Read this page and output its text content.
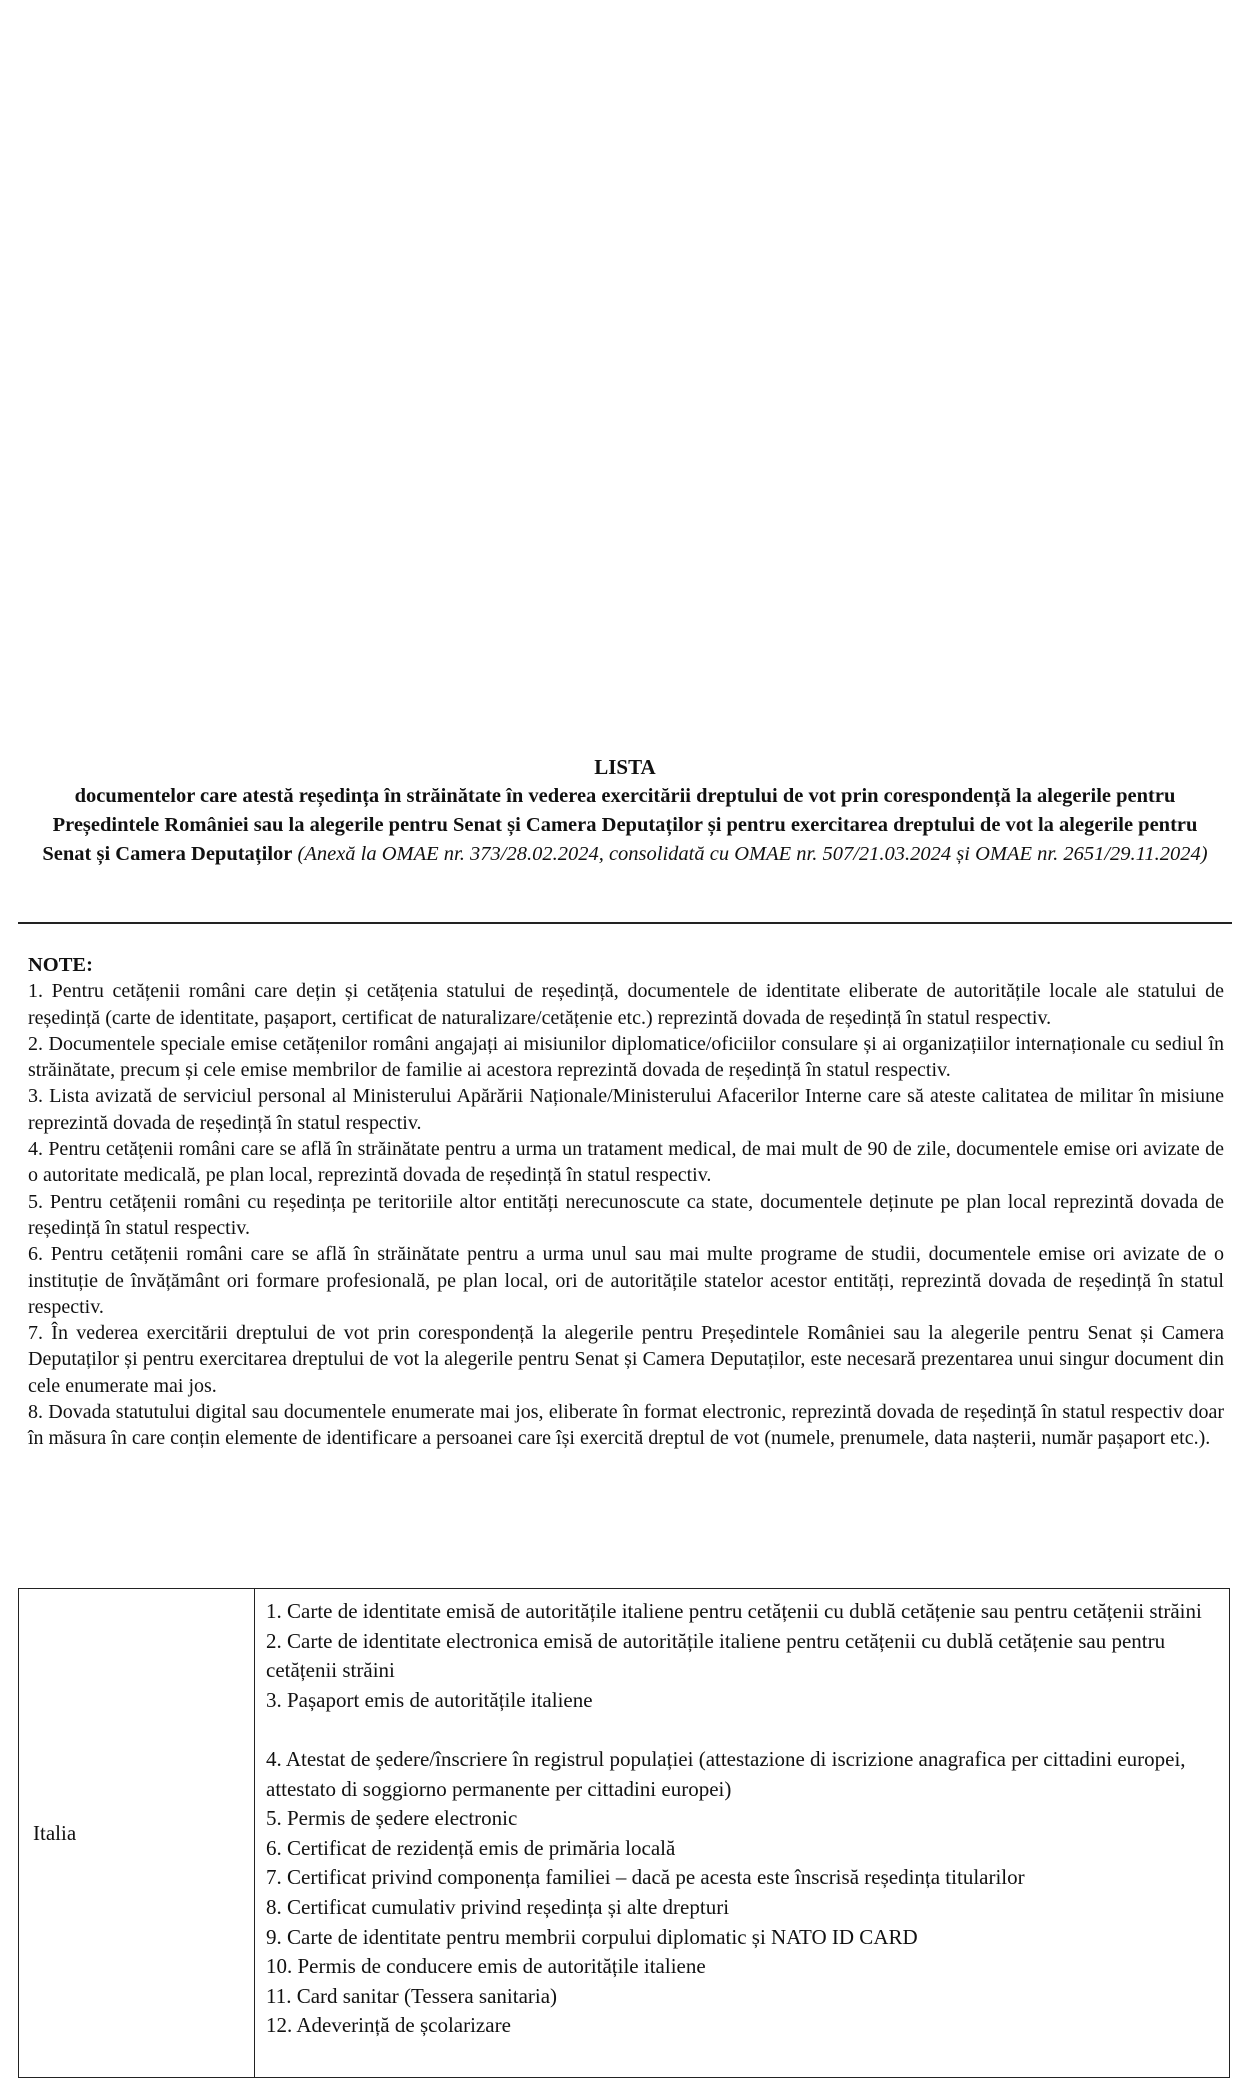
LISTA
documentelor care atestă reședința în străinătate în vederea exercitării dreptului de vot prin corespondență la alegerile pentru Președintele României sau la alegerile pentru Senat și Camera Deputaților și pentru exercitarea dreptului de vot la alegerile pentru Senat și Camera Deputaților (Anexă la OMAE nr. 373/28.02.2024, consolidată cu OMAE nr. 507/21.03.2024 și OMAE nr. 2651/29.11.2024)
NOTE:

1. Pentru cetățenii români care dețin și cetățenia statului de reședință, documentele de identitate eliberate de autoritățile locale ale statului de reședință (carte de identitate, pașaport, certificat de naturalizare/cetățenie etc.) reprezintă dovada de reședință în statul respectiv.

2. Documentele speciale emise cetățenilor români angajați ai misiunilor diplomatice/oficiilor consulare și ai organizațiilor internaționale cu sediul în străinătate, precum și cele emise membrilor de familie ai acestora reprezintă dovada de reședință în statul respectiv.

3. Lista avizată de serviciul personal al Ministerului Apărării Naționale/Ministerului Afacerilor Interne care să ateste calitatea de militar în misiune reprezintă dovada de reședință în statul respectiv.

4. Pentru cetățenii români care se află în străinătate pentru a urma un tratament medical, de mai mult de 90 de zile, documentele emise ori avizate de o autoritate medicală, pe plan local, reprezintă dovada de reședință în statul respectiv.

5. Pentru cetățenii români cu reședința pe teritoriile altor entități nerecunoscute ca state, documentele deținute pe plan local reprezintă dovada de reședință în statul respectiv.

6. Pentru cetățenii români care se află în străinătate pentru a urma unul sau mai multe programe de studii, documentele emise ori avizate de o instituție de învățământ ori formare profesională, pe plan local, ori de autoritățile statelor acestor entități, reprezintă dovada de reședință în statul respectiv.

7. În vederea exercitării dreptului de vot prin corespondență la alegerile pentru Președintele României sau la alegerile pentru Senat și Camera Deputaților și pentru exercitarea dreptului de vot la alegerile pentru Senat și Camera Deputaților, este necesară prezentarea unui singur document din cele enumerate mai jos.

8. Dovada statutului digital sau documentele enumerate mai jos, eliberate în format electronic, reprezintă dovada de reședință în statul respectiv doar în măsura în care conțin elemente de identificare a persoanei care își exercită dreptul de vot (numele, prenumele, data nașterii, număr pașaport etc.).

Italia

1. Carte de identitate emisă de autoritățile italiene pentru cetățenii cu dublă cetățenie sau pentru cetățenii străini

2. Carte de identitate electronica emisă de autoritățile italiene pentru cetățenii cu dublă cetățenie sau pentru cetățenii străini

3. Pașaport emis de autoritățile italiene

4. Atestat de ședere/înscriere în registrul populației (attestazione di iscrizione anagrafica per cittadini europei, attestato di soggiorno permanente per cittadini europei)

5. Permis de ședere electronic

6. Certificat de rezidență emis de primăria locală

7. Certificat privind componența familiei – dacă pe acesta este înscrisă reședința titularilor

8. Certificat cumulativ privind reședința și alte drepturi

9. Carte de identitate pentru membrii corpului diplomatic și NATO ID CARD

10. Permis de conducere emis de autoritățile italiene

11. Card sanitar (Tessera sanitaria)

12. Adeverință de școlarizare
